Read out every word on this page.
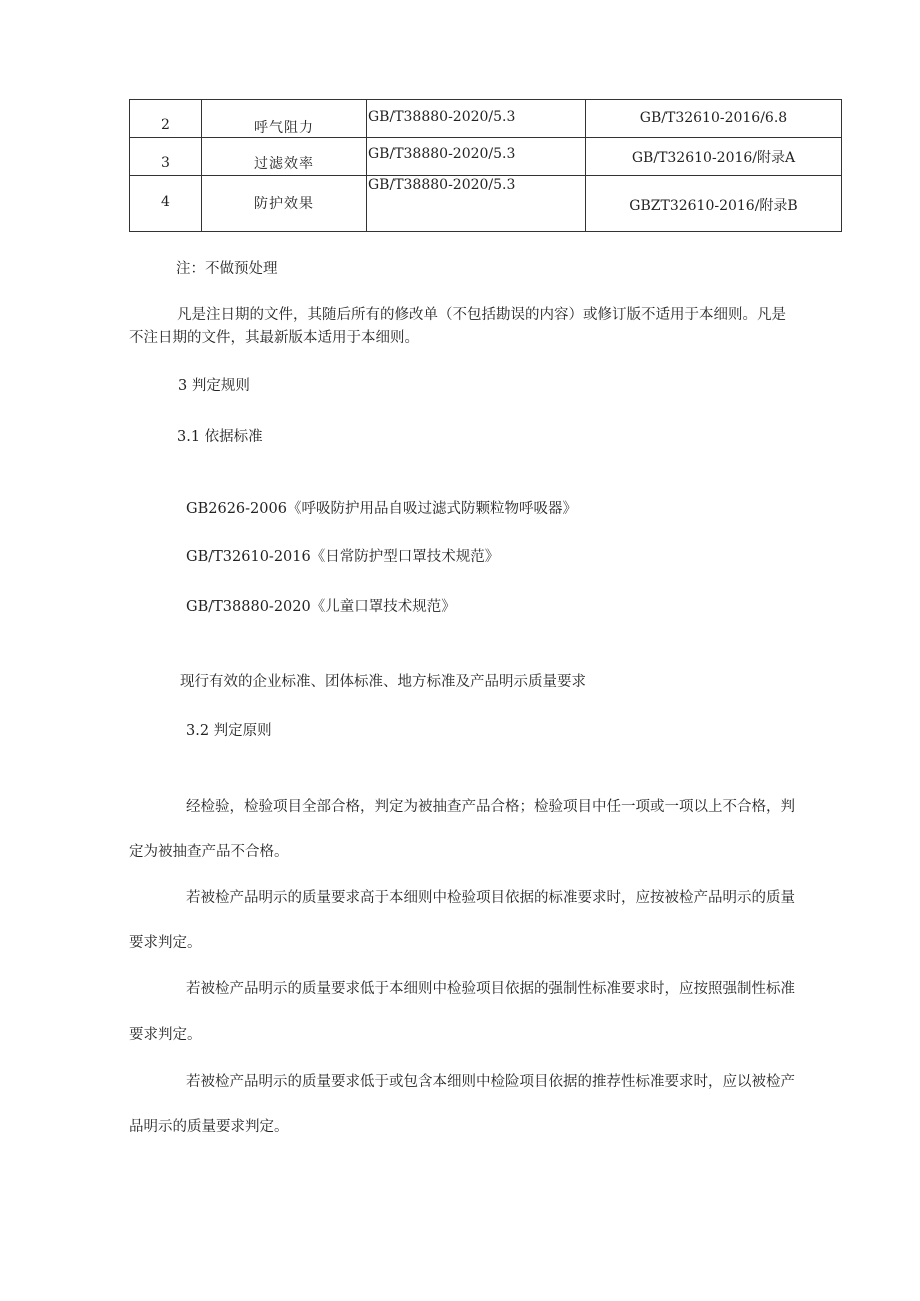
2	呼气阻力	GB/T38880-2020/5.3	GB/T32610-2016/6.8

3	过滤效率	GB/T38880-2020/5.3	GB/T32610-2016/附录A

4	防护效果	GB/T38880-2020/5.3	GBZT32610-2016/附录B
注：不做预处理
凡是注日期的文件，其随后所有的修改单（不包括勘误的内容）或修订版不适用于本细则。凡是
不注日期的文件，其最新版本适用于本细则。
3 判定规则
3.1 依据标准
GB2626-2006《呼吸防护用品自吸过滤式防颗粒物呼吸器》
GB/T32610-2016《日常防护型口罩技术规范》
GB/T38880-2020《儿童口罩技术规范》
现行有效的企业标准、团体标准、地方标准及产品明示质量要求
3.2 判定原则
经检验，检验项目全部合格，判定为被抽查产品合格；检验项目中任一项或一项以上不合格，判
定为被抽查产品不合格。
若被检产品明示的质量要求高于本细则中检验项目依据的标准要求时，应按被检产品明示的质量
要求判定。
若被检产品明示的质量要求低于本细则中检验项目依据的强制性标准要求时，应按照强制性标准
要求判定。
若被检产品明示的质量要求低于或包含本细则中检险项目依据的推荐性标准要求时，应以被检产
品明示的质量要求判定。
